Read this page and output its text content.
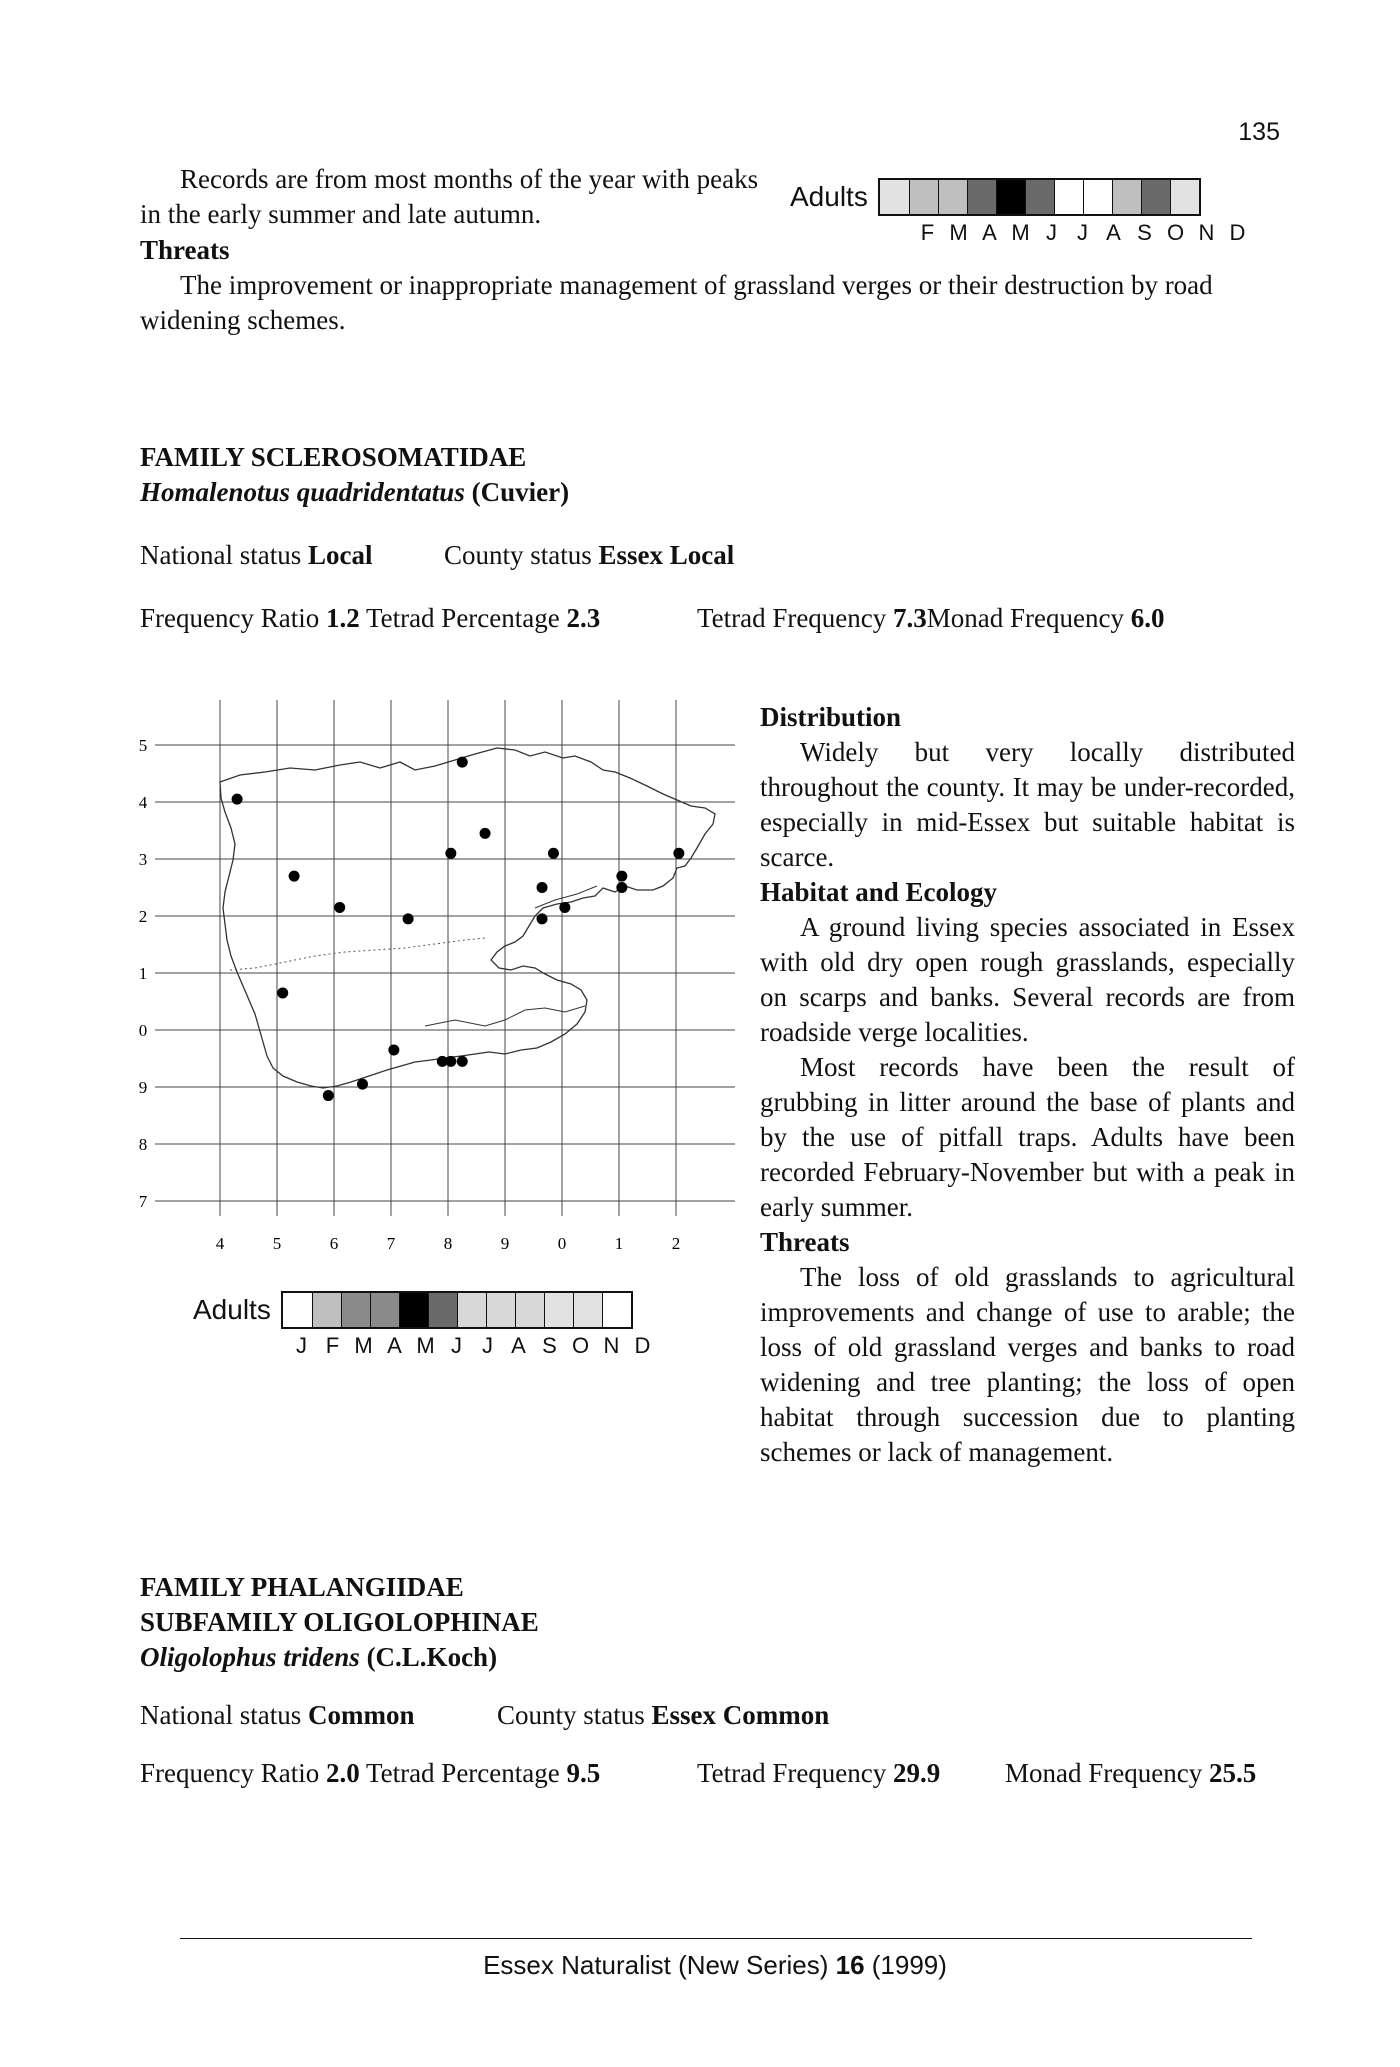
135

Records are from most months of the year with peaks in the early summer and late autumn.

Adults
F M A M J J A S O N D
Threats

The improvement or inappropriate management of grassland verges or their destruction by road widening schemes.

FAMILY SCLEROSOMATIDAE
Homalenotus quadridentatus (Cuvier)
National status Local	County status Essex Local
Frequency Ratio 1.2 Tetrad Percentage 2.3	Tetrad Frequency 7.3Monad Frequency 6.0
4	5	6	7	8	9	0	1	2
5
4
3
2
1
0
9
8
7
Adults
J F M A M J J A S O N D
Distribution

Widely but very locally distributed throughout the county. It may be under-recorded, especially in mid-Essex but suitable habitat is scarce.

Habitat and Ecology

A ground living species associated in Essex with old dry open rough grasslands, especially on scarps and banks. Several records are from roadside verge localities.

Most records have been the result of grubbing in litter around the base of plants and by the use of pitfall traps. Adults have been recorded February-November but with a peak in early summer.

Threats

The loss of old grasslands to agricultural improvements and change of use to arable; the loss of old grassland verges and banks to road widening and tree planting; the loss of open habitat through succession due to planting schemes or lack of management.

FAMILY PHALANGIIDAE
SUBFAMILY OLIGOLOPHINAE
Oligolophus tridens (C.L.Koch)
National status Common	County status Essex Common
Frequency Ratio 2.0 Tetrad Percentage 9.5	Tetrad Frequency 29.9 Monad Frequency 25.5
Essex Naturalist (New Series) 16 (1999)
